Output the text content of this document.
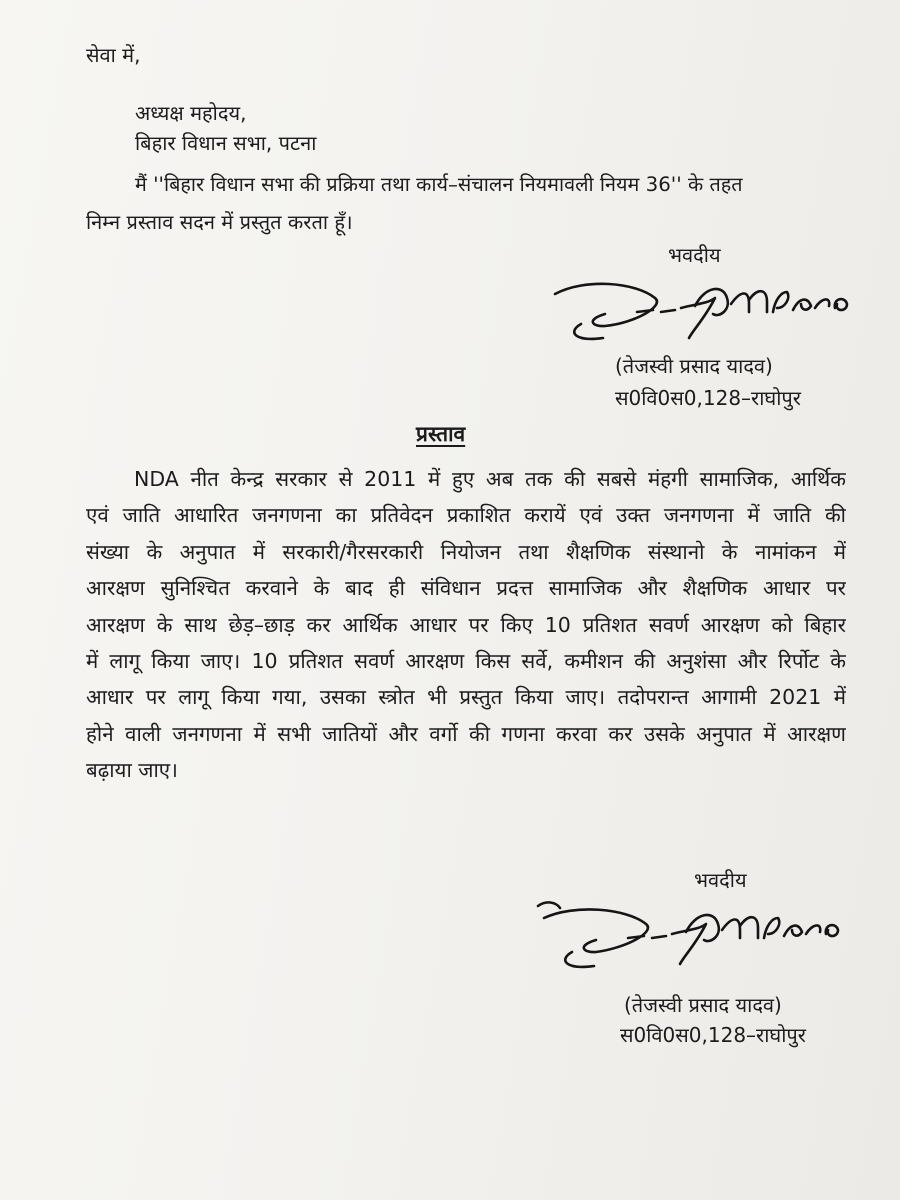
सेवा में,

अध्यक्ष महोदय,

बिहार विधान सभा, पटना

मैं ''बिहार विधान सभा की प्रक्रिया तथा कार्य–संचालन नियमावली नियम 36'' के तहत

निम्न प्रस्ताव सदन में प्रस्तुत करता हूँ।

भवदीय

(तेजस्वी प्रसाद यादव)

स0वि0स0,128–राघोपुर

प्रस्ताव

NDA नीत केन्द्र सरकार से 2011 में हुए अब तक की सबसे मंहगी सामाजिक, आर्थिक
एवं जाति आधारित जनगणना का प्रतिवेदन प्रकाशित करायें एवं उक्त जनगणना में जाति की
संख्या के अनुपात में सरकारी/गैरसरकारी नियोजन तथा शैक्षणिक संस्थानो के नामांकन में
आरक्षण सुनिश्चित करवाने के बाद ही संविधान प्रदत्त सामाजिक और शैक्षणिक आधार पर
आरक्षण के साथ छेड़–छाड़ कर आर्थिक आधार पर किए 10 प्रतिशत सवर्ण आरक्षण को बिहार
में लागू किया जाए। 10 प्रतिशत सवर्ण आरक्षण किस सर्वे, कमीशन की अनुशंसा और रिर्पोट के
आधार पर लागू किया गया, उसका स्त्रोत भी प्रस्तुत किया जाए। तदोपरान्त आगामी 2021 में
होने वाली जनगणना में सभी जातियों और वर्गो की गणना करवा कर उसके अनुपात में आरक्षण
बढ़ाया जाए।

भवदीय

(तेजस्वी प्रसाद यादव)

स0वि0स0,128–राघोपुर
